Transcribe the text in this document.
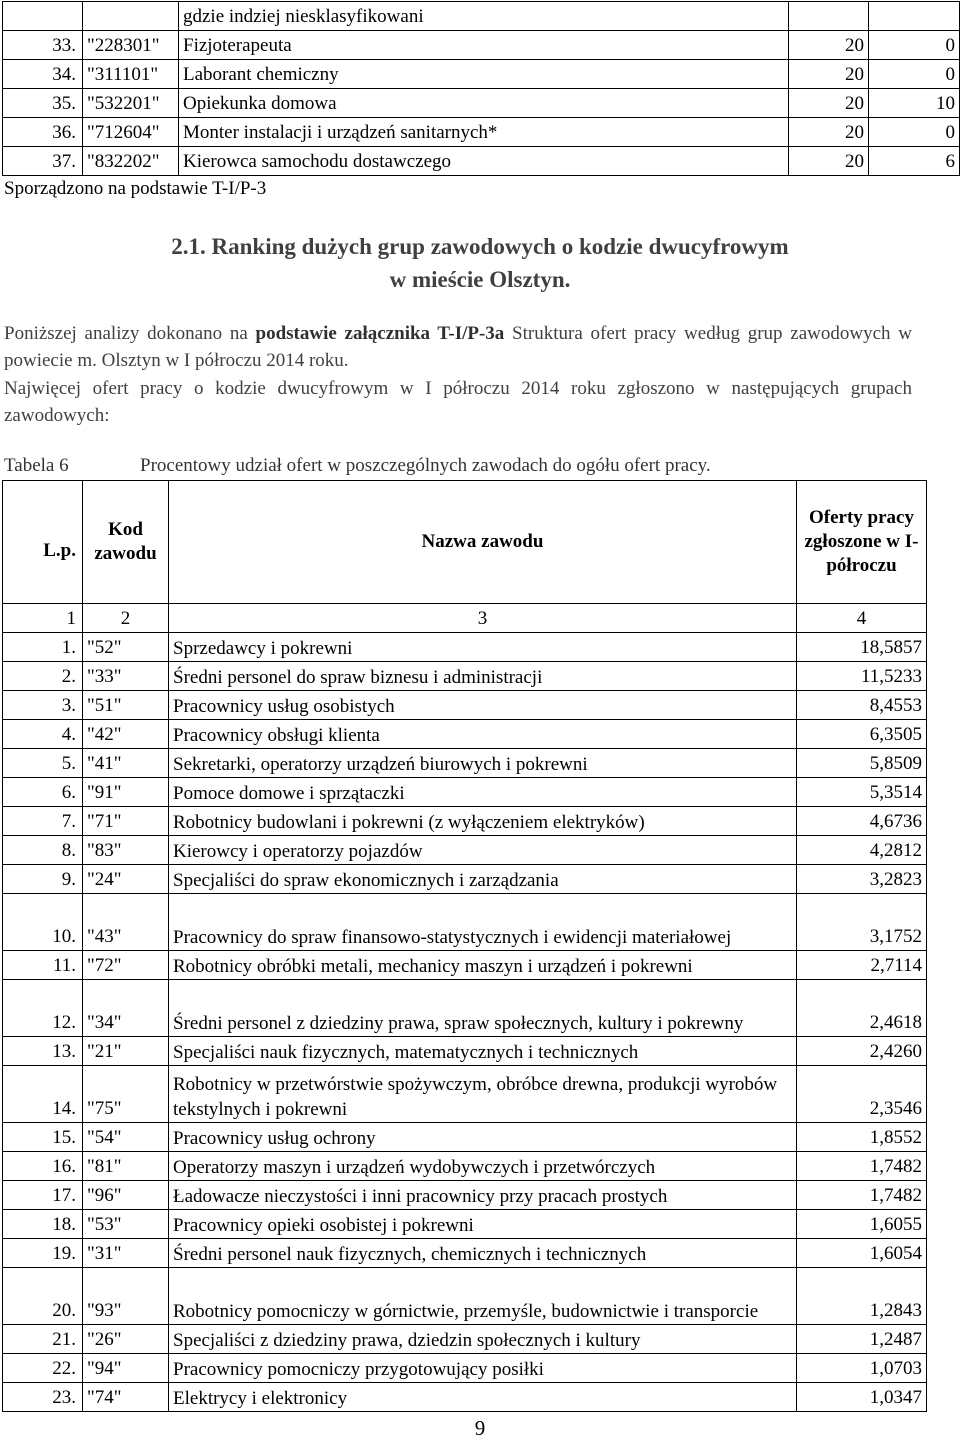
		gdzie indziej niesklasyfikowani		
33.	"228301"	Fizjoterapeuta	20	0
34.	"311101"	Laborant chemiczny	20	0
35.	"532201"	Opiekunka domowa	20	10
36.	"712604"	Monter instalacji i urządzeń sanitarnych*	20	0
37.	"832202"	Kierowca samochodu dostawczego	20	6
Sporządzono na podstawie T-I/P-3
2.1. Ranking dużych grup zawodowych o kodzie dwucyfrowym
w mieście Olsztyn.
Poniższej analizy dokonano na podstawie załącznika T-I/P-3a Struktura ofert pracy według grup zawodowych w powiecie m. Olsztyn w I półroczu 2014 roku.
Najwięcej ofert pracy o kodzie dwucyfrowym w I półroczu 2014 roku zgłoszono w następujących grupach zawodowych:
Tabela 6	Procentowy udział ofert w poszczególnych zawodach do ogółu ofert pracy.
L.p.	Kod zawodu	Nazwa zawodu	Oferty pracy zgłoszone w I-półroczu
1	2	3	4
1.	"52"	Sprzedawcy i pokrewni	18,5857
2.	"33"	Średni personel do spraw biznesu i administracji	11,5233
3.	"51"	Pracownicy usług osobistych	8,4553
4.	"42"	Pracownicy obsługi klienta	6,3505
5.	"41"	Sekretarki, operatorzy urządzeń biurowych i pokrewni	5,8509
6.	"91"	Pomoce domowe i sprzątaczki	5,3514
7.	"71"	Robotnicy budowlani i pokrewni (z wyłączeniem elektryków)	4,6736
8.	"83"	Kierowcy i operatorzy pojazdów	4,2812
9.	"24"	Specjaliści do spraw ekonomicznych i zarządzania	3,2823
10.	"43"	Pracownicy do spraw finansowo-statystycznych i ewidencji materiałowej	3,1752
11.	"72"	Robotnicy obróbki metali, mechanicy maszyn i urządzeń i pokrewni	2,7114
12.	"34"	Średni personel z dziedziny prawa, spraw społecznych, kultury i pokrewny	2,4618
13.	"21"	Specjaliści nauk fizycznych, matematycznych i technicznych	2,4260
14.	"75"	Robotnicy w przetwórstwie spożywczym, obróbce drewna, produkcji wyrobów tekstylnych i pokrewni	2,3546
15.	"54"	Pracownicy usług ochrony	1,8552
16.	"81"	Operatorzy maszyn i urządzeń wydobywczych i przetwórczych	1,7482
17.	"96"	Ładowacze nieczystości i inni pracownicy przy pracach prostych	1,7482
18.	"53"	Pracownicy opieki osobistej i pokrewni	1,6055
19.	"31"	Średni personel nauk fizycznych, chemicznych i technicznych	1,6054
20.	"93"	Robotnicy pomocniczy w górnictwie, przemyśle, budownictwie i transporcie	1,2843
21.	"26"	Specjaliści z dziedziny prawa, dziedzin społecznych i kultury	1,2487
22.	"94"	Pracownicy pomocniczy przygotowujący posiłki	1,0703
23.	"74"	Elektrycy i elektronicy	1,0347
9
